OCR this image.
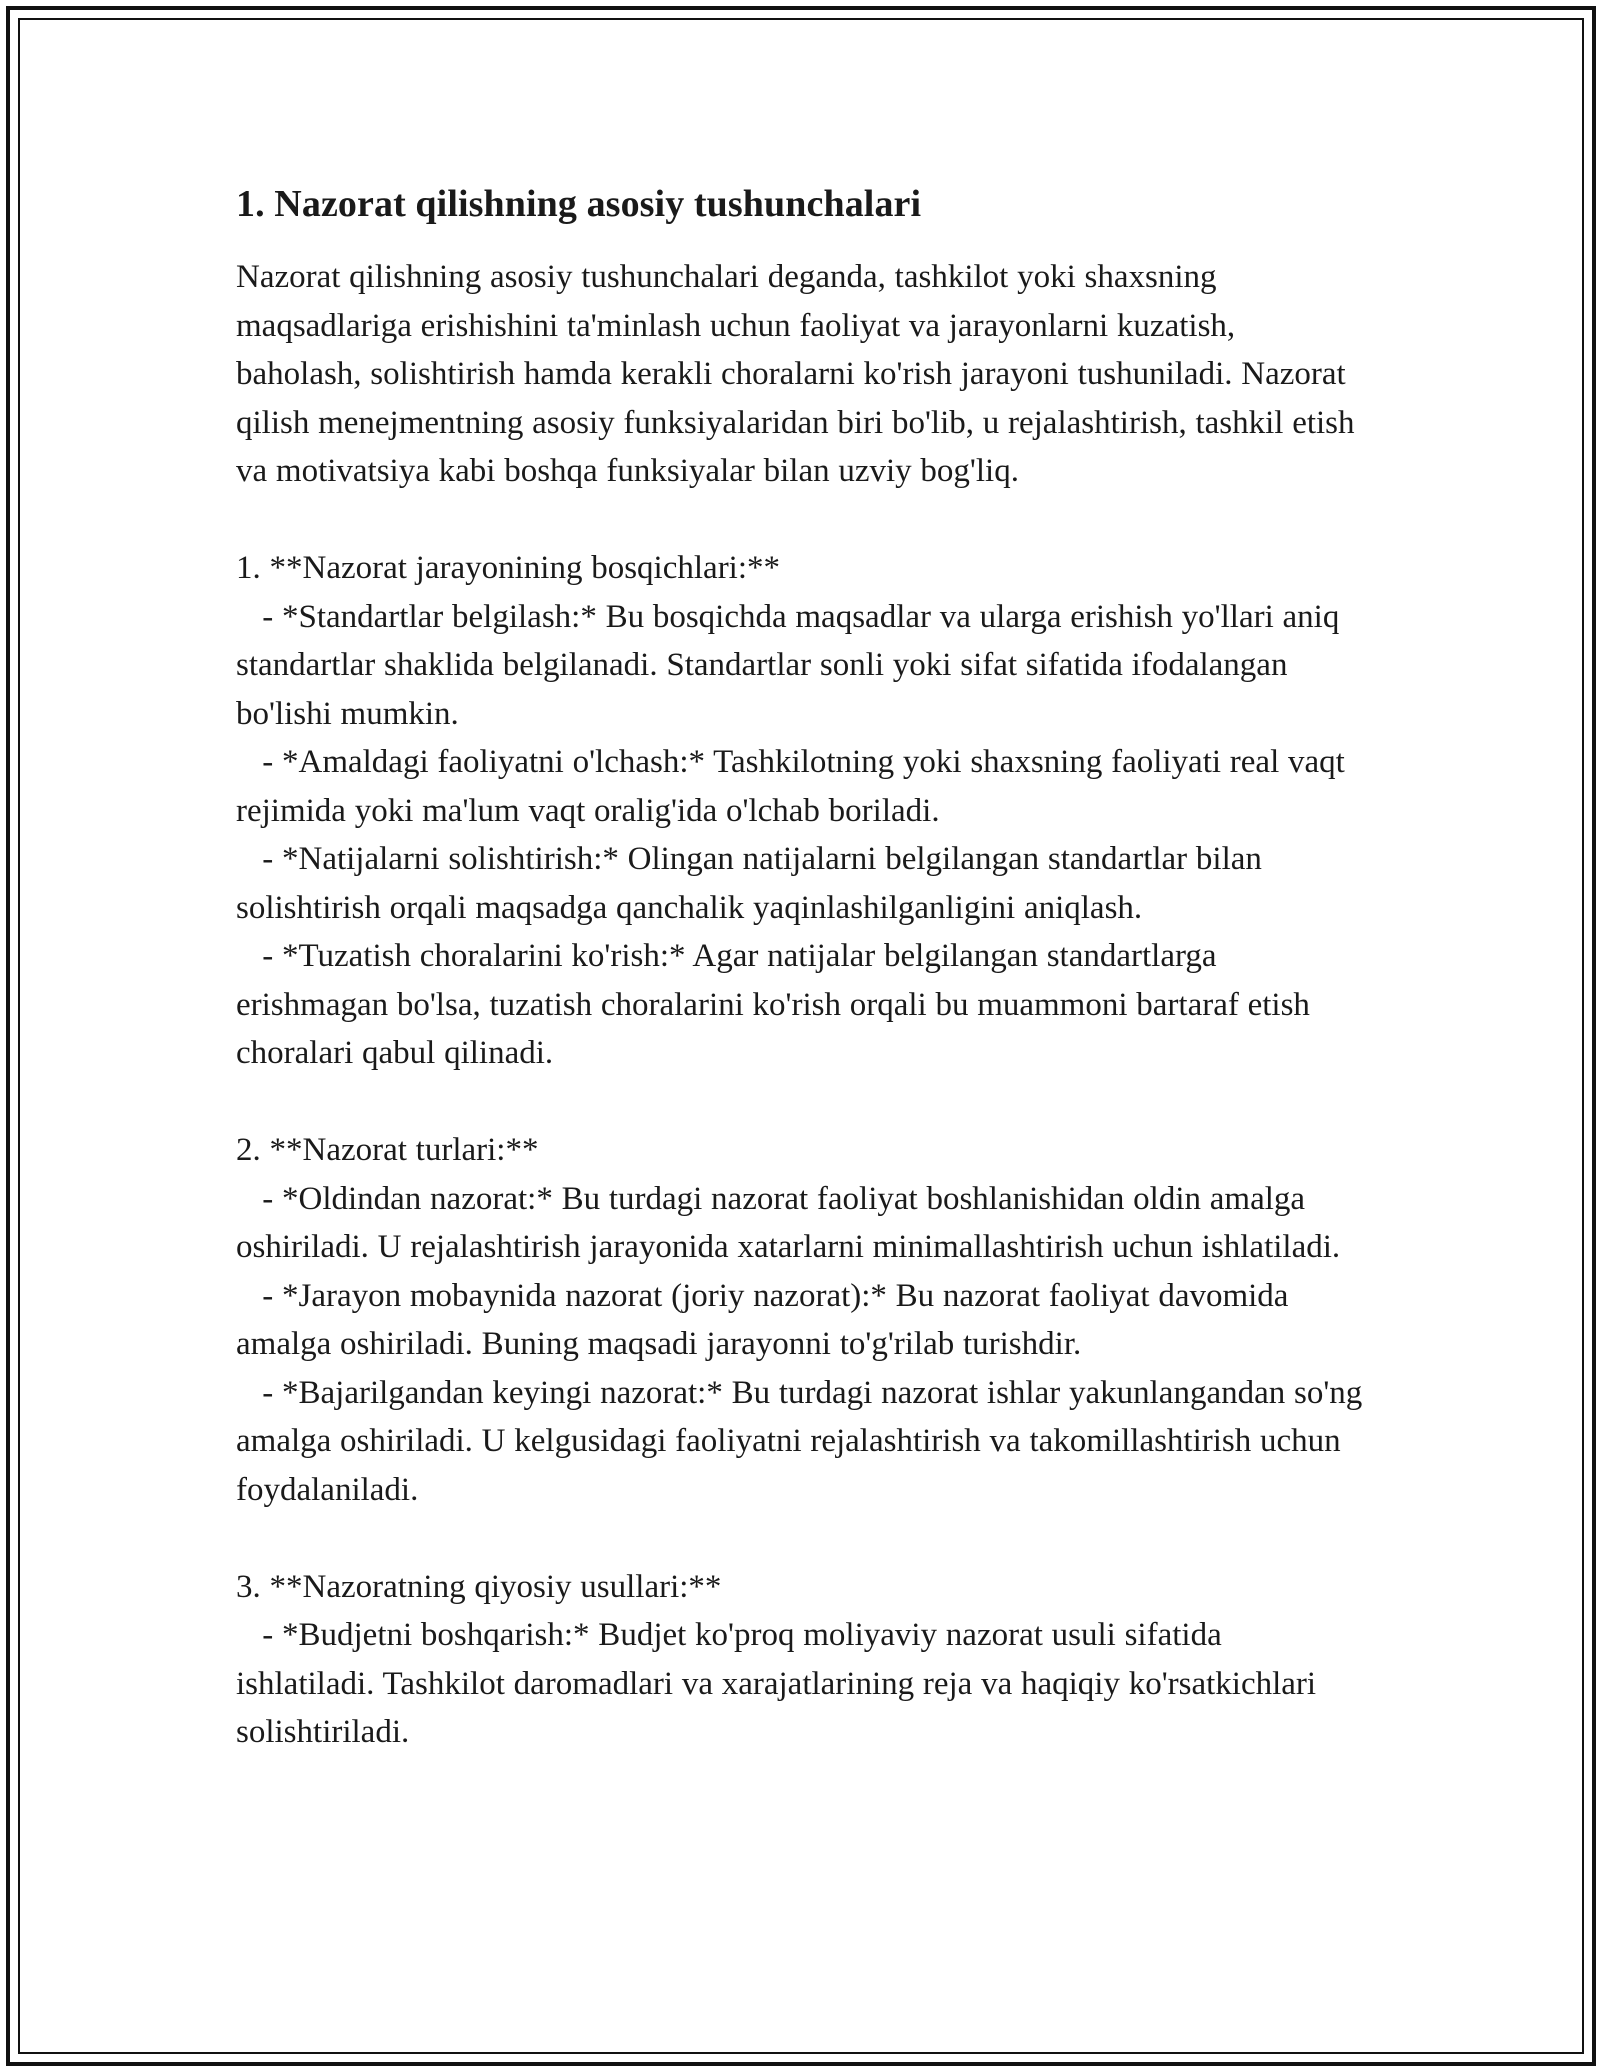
1. Nazorat qilishning asosiy tushunchalari

Nazorat qilishning asosiy tushunchalari deganda, tashkilot yoki shaxsning maqsadlariga erishishini ta'minlash uchun faoliyat va jarayonlarni kuzatish, baholash, solishtirish hamda kerakli choralarni ko'rish jarayoni tushuniladi. Nazorat qilish menejmentning asosiy funksiyalaridan biri bo'lib, u rejalashtirish, tashkil etish va motivatsiya kabi boshqa funksiyalar bilan uzviy bog'liq.

1. **Nazorat jarayonining bosqichlari:**
- *Standartlar belgilash:* Bu bosqichda maqsadlar va ularga erishish yo'llari aniq standartlar shaklida belgilanadi. Standartlar sonli yoki sifat sifatida ifodalangan bo'lishi mumkin.
- *Amaldagi faoliyatni o'lchash:* Tashkilotning yoki shaxsning faoliyati real vaqt rejimida yoki ma'lum vaqt oralig'ida o'lchab boriladi.
- *Natijalarni solishtirish:* Olingan natijalarni belgilangan standartlar bilan solishtirish orqali maqsadga qanchalik yaqinlashilganligini aniqlash.
- *Tuzatish choralarini ko'rish:* Agar natijalar belgilangan standartlarga erishmagan bo'lsa, tuzatish choralarini ko'rish orqali bu muammoni bartaraf etish choralari qabul qilinadi.

2. **Nazorat turlari:**
- *Oldindan nazorat:* Bu turdagi nazorat faoliyat boshlanishidan oldin amalga oshiriladi. U rejalashtirish jarayonida xatarlarni minimallashtirish uchun ishlatiladi.
- *Jarayon mobaynida nazorat (joriy nazorat):* Bu nazorat faoliyat davomida amalga oshiriladi. Buning maqsadi jarayonni to'g'rilab turishdir.
- *Bajarilgandan keyingi nazorat:* Bu turdagi nazorat ishlar yakunlangandan so'ng amalga oshiriladi. U kelgusidagi faoliyatni rejalashtirish va takomillashtirish uchun foydalaniladi.

3. **Nazoratning qiyosiy usullari:**
- *Budjetni boshqarish:* Budjet ko'proq moliyaviy nazorat usuli sifatida ishlatiladi. Tashkilot daromadlari va xarajatlarining reja va haqiqiy ko'rsatkichlari solishtiriladi.
